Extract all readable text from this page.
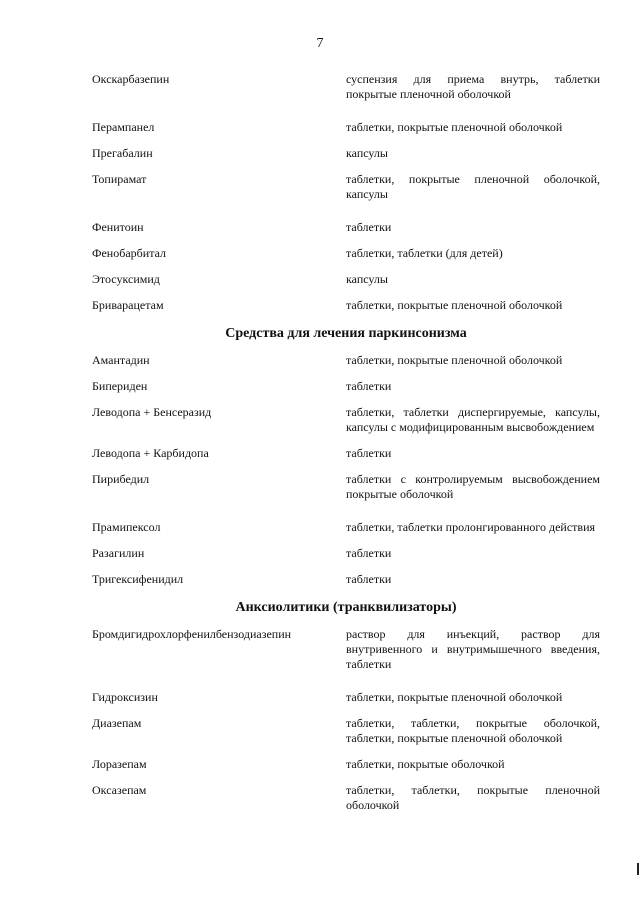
7
Окскарбазепин	суспензия для приема внутрь, таблетки покрытые пленочной оболочкой
Перампанел	таблетки, покрытые пленочной оболочкой
Прегабалин	капсулы
Топирамат	таблетки, покрытые пленочной оболочкой, капсулы
Фенитоин	таблетки
Фенобарбитал	таблетки, таблетки (для детей)
Этосуксимид	капсулы
Бриварацетам	таблетки, покрытые пленочной оболочкой
Средства для лечения паркинсонизма
Амантадин	таблетки, покрытые пленочной оболочкой
Бипериден	таблетки
Леводопа + Бенсеразид	таблетки, таблетки диспергируемые, капсулы, капсулы с модифицированным высвобождением
Леводопа + Карбидопа	таблетки
Пирибедил	таблетки с контролируемым высвобождением покрытые оболочкой
Прамипексол	таблетки, таблетки пролонгированного действия
Разагилин	таблетки
Тригексифенидил	таблетки
Анксиолитики (транквилизаторы)
Бромдигидрохлорфенилбензодиазепин	раствор для инъекций, раствор для внутривенного и внутримышечного введения, таблетки
Гидроксизин	таблетки, покрытые пленочной оболочкой
Диазепам	таблетки, таблетки, покрытые оболочкой, таблетки, покрытые пленочной оболочкой
Лоразепам	таблетки, покрытые оболочкой
Оксазепам	таблетки, таблетки, покрытые пленочной оболочкой
